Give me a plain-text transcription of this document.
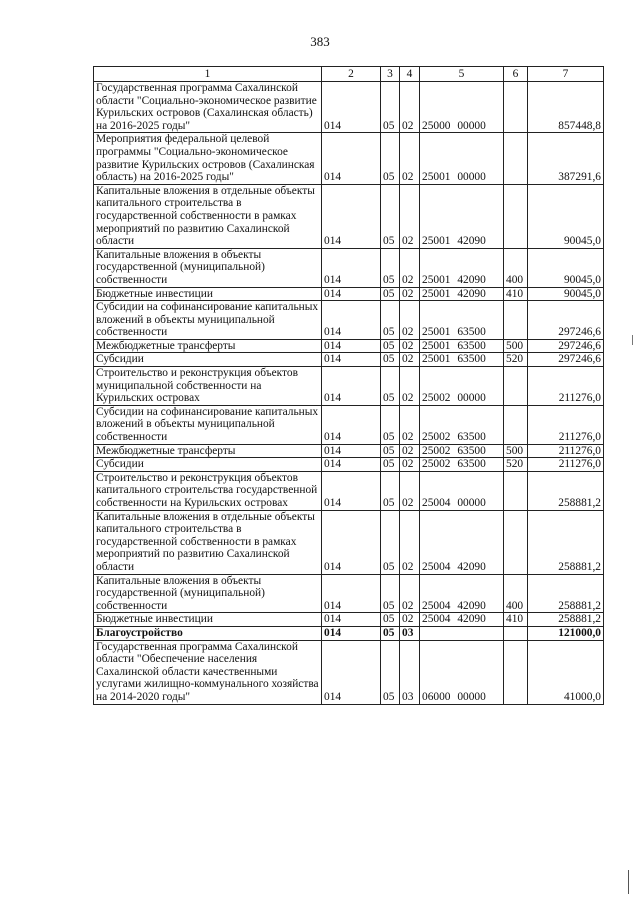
383
1	2	3	4	5	6	7
Государственная программа Сахалинской области "Социально-экономическое развитие Курильских островов (Сахалинская область) на 2016-2025 годы"	014	05	02	25000 00000		857448,8
Мероприятия федеральной целевой программы "Социально-экономическое развитие Курильских островов (Сахалинская область) на 2016-2025 годы"	014	05	02	25001 00000		387291,6
Капитальные вложения в отдельные объекты капитального строительства в государственной собственности в рамках мероприятий по развитию Сахалинской области	014	05	02	25001 42090		90045,0
Капитальные вложения в объекты государственной (муниципальной) собственности	014	05	02	25001 42090	400	90045,0
Бюджетные инвестиции	014	05	02	25001 42090	410	90045,0
Субсидии на софинансирование капитальных вложений в объекты муниципальной собственности	014	05	02	25001 63500		297246,6
Межбюджетные трансферты	014	05	02	25001 63500	500	297246,6
Субсидии	014	05	02	25001 63500	520	297246,6
Строительство и реконструкция объектов муниципальной собственности на Курильских островах	014	05	02	25002 00000		211276,0
Субсидии на софинансирование капитальных вложений в объекты муниципальной собственности	014	05	02	25002 63500		211276,0
Межбюджетные трансферты	014	05	02	25002 63500	500	211276,0
Субсидии	014	05	02	25002 63500	520	211276,0
Строительство и реконструкция объектов капитального строительства государственной собственности на Курильских островах	014	05	02	25004 00000		258881,2
Капитальные вложения в отдельные объекты капитального строительства в государственной собственности в рамках мероприятий по развитию Сахалинской области	014	05	02	25004 42090		258881,2
Капитальные вложения в объекты государственной (муниципальной) собственности	014	05	02	25004 42090	400	258881,2
Бюджетные инвестиции	014	05	02	25004 42090	410	258881,2
Благоустройство	014	05	03			121000,0
Государственная программа Сахалинской области "Обеспечение населения Сахалинской области качественными услугами жилищно-коммунального хозяйства на 2014-2020 годы"	014	05	03	06000 00000		41000,0
